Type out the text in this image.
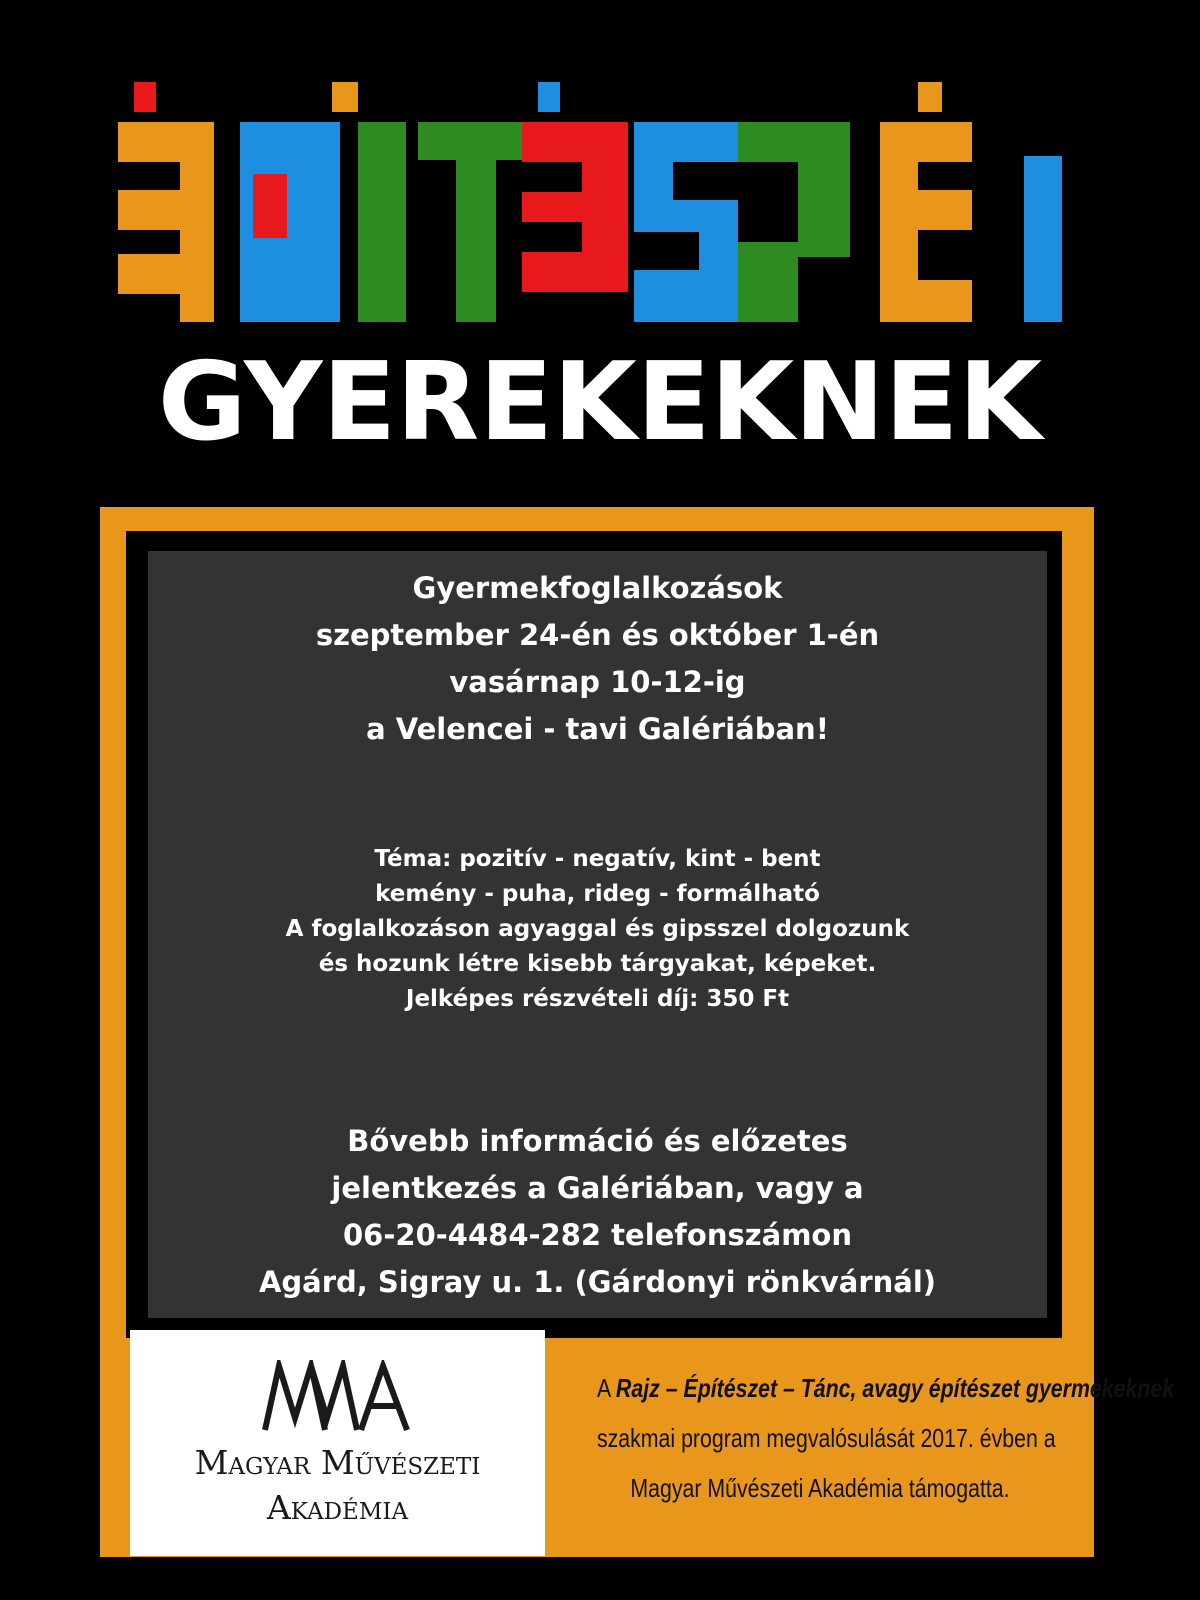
GYEREKEKNEK
Gyermekfoglalkozások
szeptember 24-én és október 1-én
vasárnap 10-12-ig
a Velencei - tavi Galériában!
Téma: pozitív - negatív, kint - bent
kemény - puha, rideg - formálható
A foglalkozáson agyaggal és gipsszel dolgozunk
és hozunk létre kisebb tárgyakat, képeket.
Jelképes részvételi díj: 350 Ft
Bővebb információ és előzetes
jelentkezés a Galériában, vagy a
06-20-4484-282 telefonszámon
Agárd, Sigray u. 1. (Gárdonyi rönkvárnál)
Magyar Művészeti
Akadémia
A Rajz – Építészet – Tánc, avagy építészet gyermekeknek
szakmai program megvalósulását 2017. évben a
Magyar Művészeti Akadémia támogatta.
